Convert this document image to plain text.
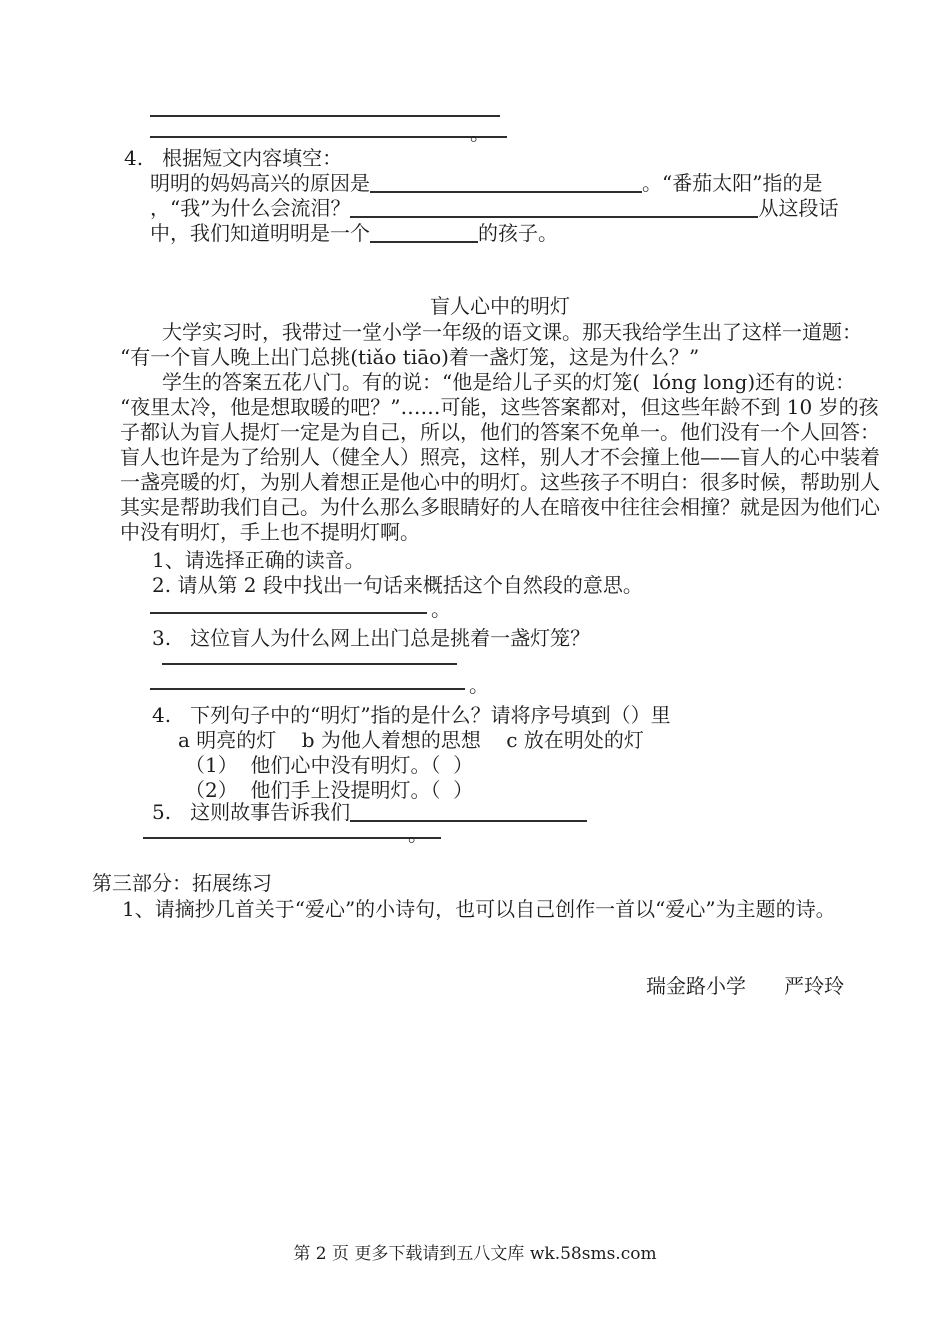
。
4.   根据短文内容填空：
明明的妈妈高兴的原因是	。“番茄太阳”指的是
，“我”为什么会流泪？	从这段话
中，我们知道明明是一个	的孩子。
盲人心中的明灯
大学实习时，我带过一堂小学一年级的语文课。那天我给学生出了这样一道题：
“有一个盲人晚上出门总挑(tiǎo tiāo)着一盏灯笼，这是为什么？”
学生的答案五花八门。有的说：“他是给儿子买的灯笼(  lóng long)还有的说：
“夜里太冷，他是想取暖的吧？”……可能，这些答案都对，但这些年龄不到 10 岁的孩
子都认为盲人提灯一定是为自己，所以，他们的答案不免单一。他们没有一个人回答：
盲人也许是为了给别人（健全人）照亮，这样，别人才不会撞上他——盲人的心中装着
一盏亮暖的灯，为别人着想正是他心中的明灯。这些孩子不明白：很多时候，帮助别人
其实是帮助我们自己。为什么那么多眼睛好的人在暗夜中往往会相撞？就是因为他们心
中没有明灯，手上也不提明灯啊。
1、请选择正确的读音。
2. 请从第 2 段中找出一句话来概括这个自然段的意思。
。
3.   这位盲人为什么网上出门总是挑着一盏灯笼？
。
4.   下列句子中的“明灯”指的是什么？请将序号填到（）里
a 明亮的灯    b 为他人着想的思想    c 放在明处的灯
（1）  他们心中没有明灯。（  ）
（2）  他们手上没提明灯。（  ）
5.   这则故事告诉我们
。
第三部分：拓展练习
1、请摘抄几首关于“爱心”的小诗句，也可以自己创作一首以“爱心”为主题的诗。
瑞金路小学      严玲玲
第 2 页 更多下载请到五八文库 wk.58sms.com
